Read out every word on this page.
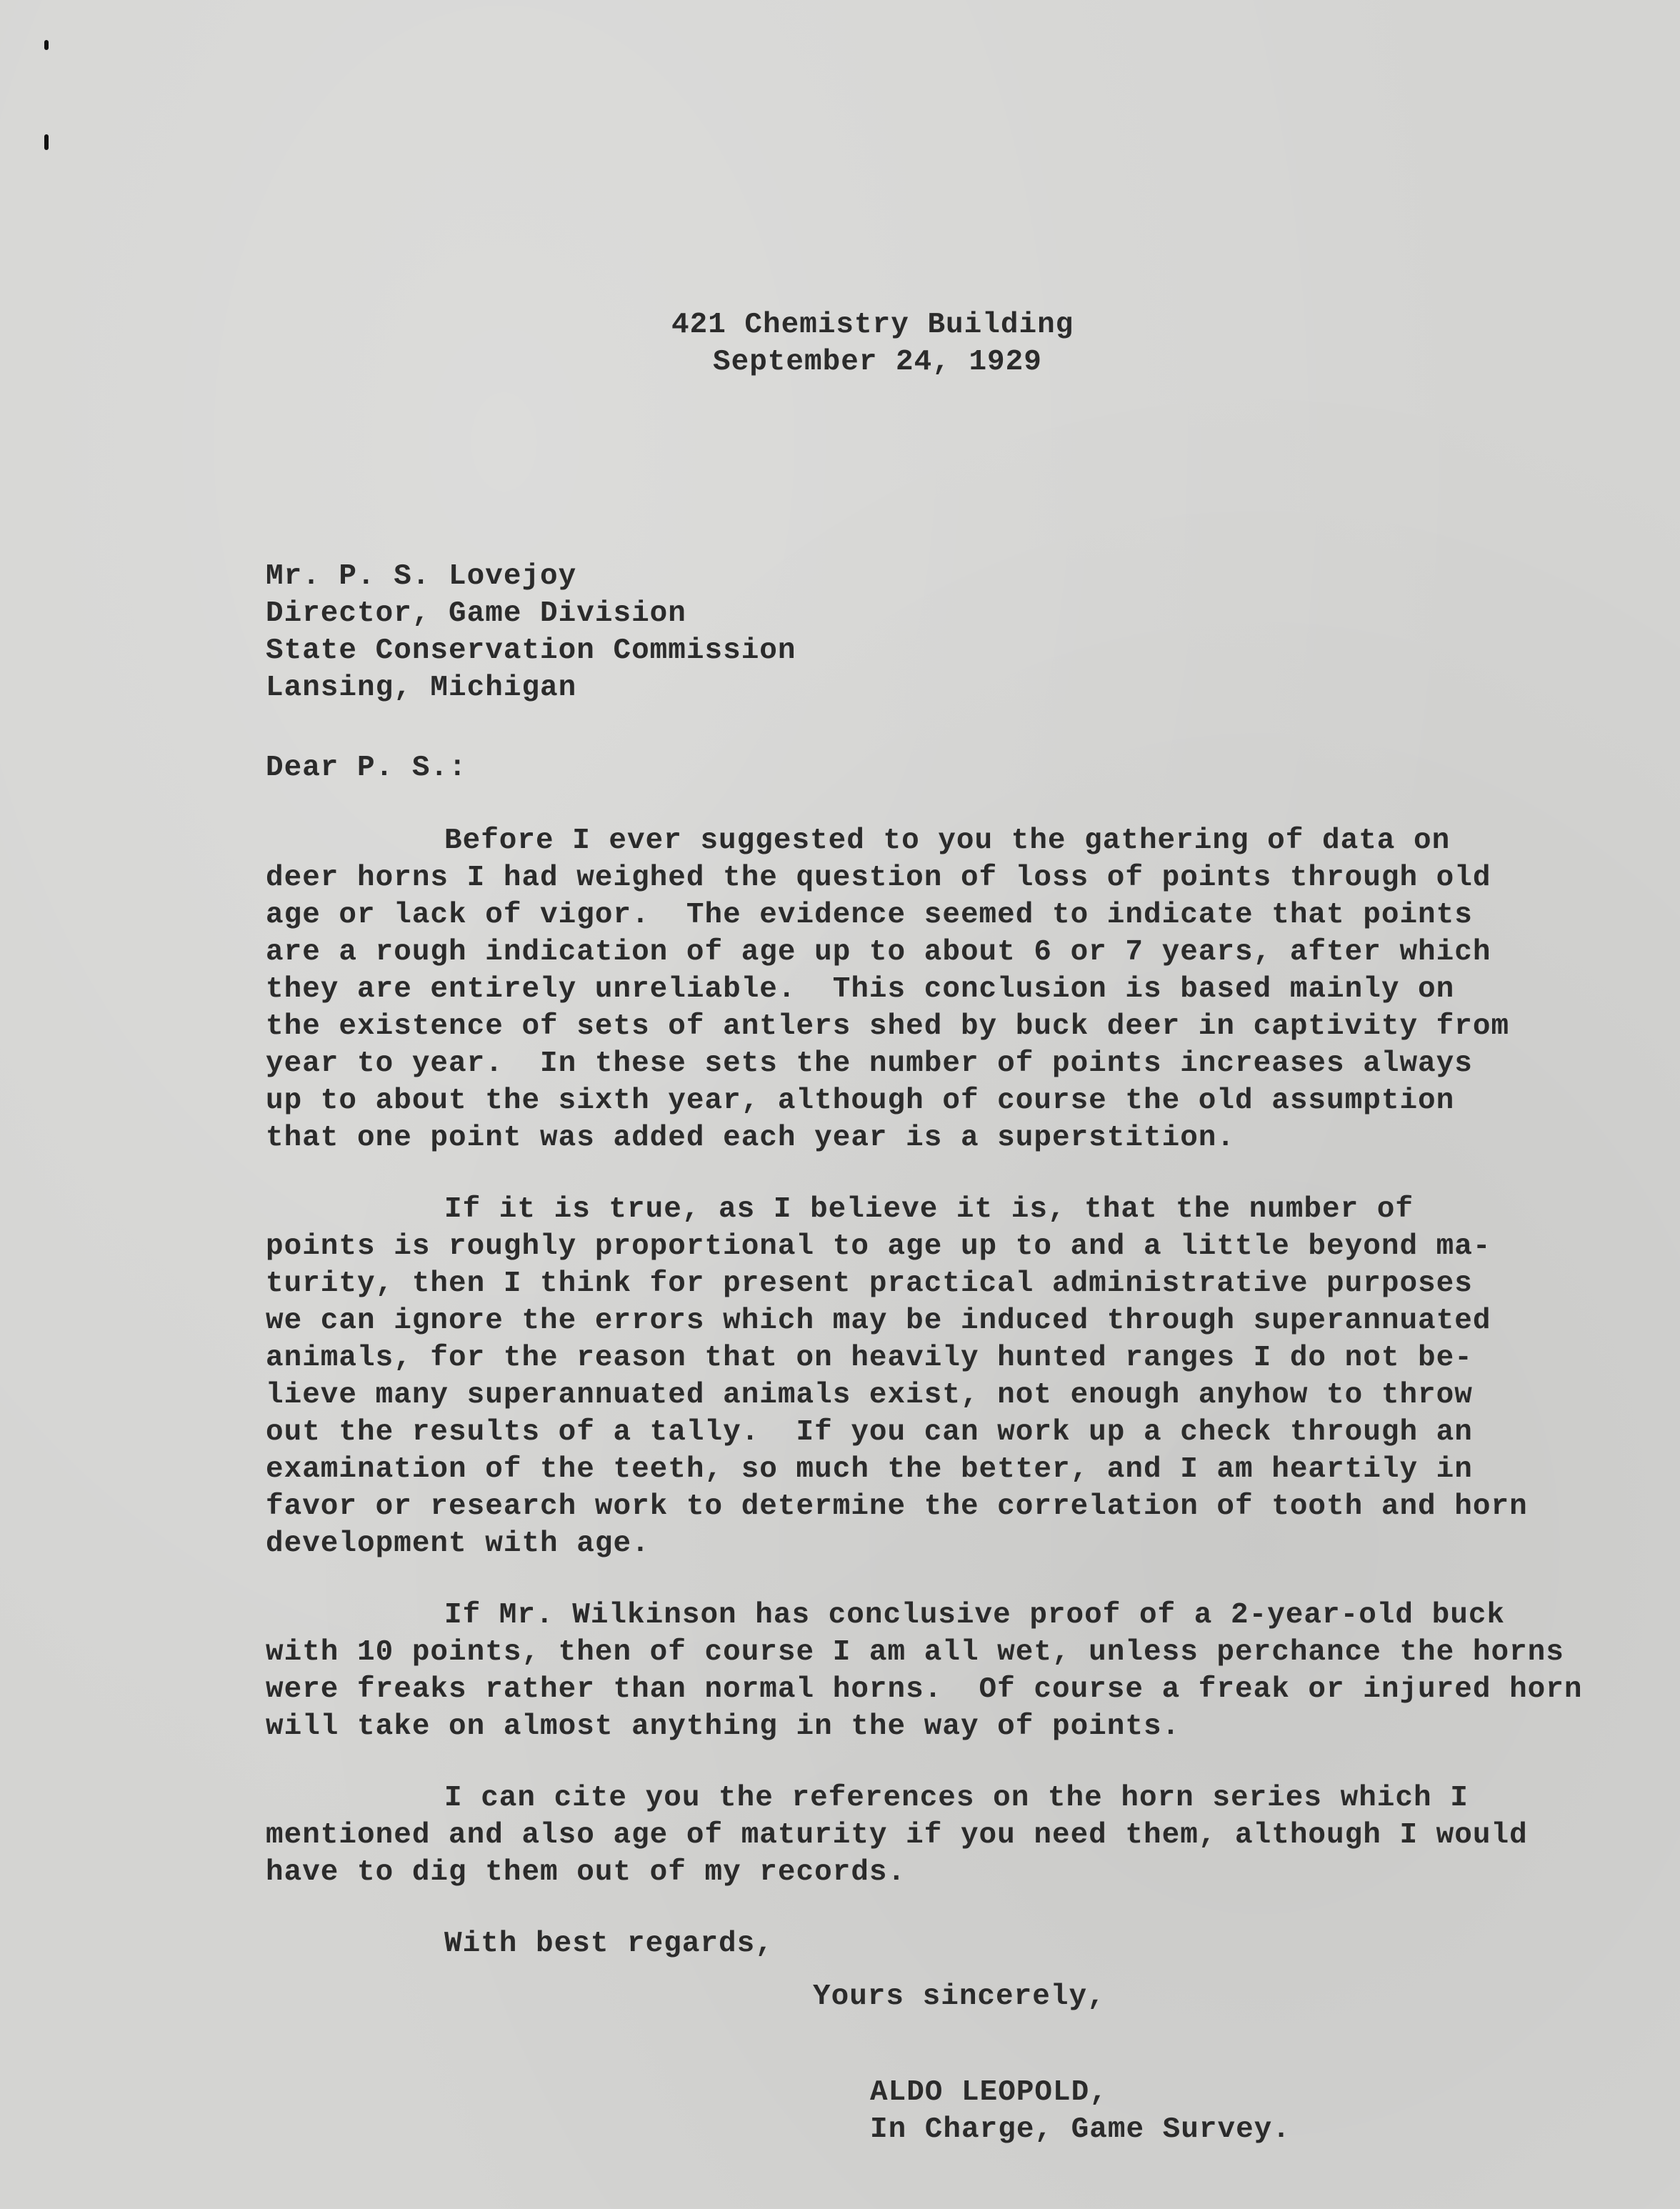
421 Chemistry Building
September 24, 1929
Mr. P. S. Lovejoy
Director, Game Division
State Conservation Commission
Lansing, Michigan
Dear P. S.:
Before I ever suggested to you the gathering of data on
deer horns I had weighed the question of loss of points through old
age or lack of vigor.  The evidence seemed to indicate that points
are a rough indication of age up to about 6 or 7 years, after which
they are entirely unreliable.  This conclusion is based mainly on
the existence of sets of antlers shed by buck deer in captivity from
year to year.  In these sets the number of points increases always
up to about the sixth year, although of course the old assumption
that one point was added each year is a superstition.
If it is true, as I believe it is, that the number of
points is roughly proportional to age up to and a little beyond ma-
turity, then I think for present practical administrative purposes
we can ignore the errors which may be induced through superannuated
animals, for the reason that on heavily hunted ranges I do not be-
lieve many superannuated animals exist, not enough anyhow to throw
out the results of a tally.  If you can work up a check through an
examination of the teeth, so much the better, and I am heartily in
favor or research work to determine the correlation of tooth and horn
development with age.
If Mr. Wilkinson has conclusive proof of a 2-year-old buck
with 10 points, then of course I am all wet, unless perchance the horns
were freaks rather than normal horns.  Of course a freak or injured horn
will take on almost anything in the way of points.
I can cite you the references on the horn series which I
mentioned and also age of maturity if you need them, although I would
have to dig them out of my records.
With best regards,
Yours sincerely,
ALDO LEOPOLD,
In Charge, Game Survey.
